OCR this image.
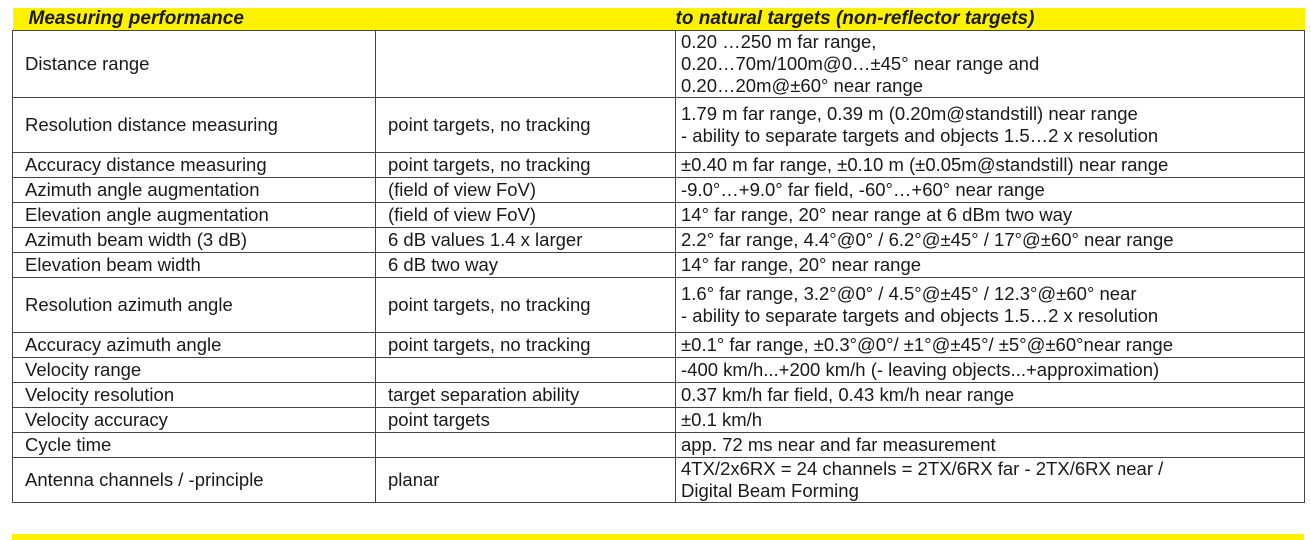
Measuring performance		to natural targets (non-reflector targets)
Distance range		0.20 …250 m far range,
0.20…70m/100m@0…±45° near range and
0.20…20m@±60° near range

Resolution distance measuring	point targets, no tracking	1.79 m far range, 0.39 m (0.20m@standstill) near range
- ability to separate targets and objects 1.5…2 x resolution

Accuracy distance measuring	point targets, no tracking	±0.40 m far range, ±0.10 m (±0.05m@standstill) near range

Azimuth angle augmentation	(field of view FoV)	-9.0°…+9.0° far field, -60°…+60° near range

Elevation angle augmentation	(field of view FoV)	14° far range, 20° near range at 6 dBm two way

Azimuth beam width (3 dB)	6 dB values 1.4 x larger	2.2° far range, 4.4°@0° / 6.2°@±45° / 17°@±60° near range

Elevation beam width	6 dB two way	14° far range, 20° near range

Resolution azimuth angle	point targets, no tracking	1.6° far range, 3.2°@0° / 4.5°@±45° / 12.3°@±60° near
- ability to separate targets and objects 1.5…2 x resolution

Accuracy azimuth angle	point targets, no tracking	±0.1° far range, ±0.3°@0°/ ±1°@±45°/ ±5°@±60°near range

Velocity range		-400 km/h...+200 km/h (- leaving objects...+approximation)

Velocity resolution	target separation ability	0.37 km/h far field, 0.43 km/h near range

Velocity accuracy	point targets	±0.1 km/h

Cycle time		app. 72 ms near and far measurement

Antenna channels / -principle	planar	4TX/2x6RX = 24 channels = 2TX/6RX far - 2TX/6RX near /
Digital Beam Forming
